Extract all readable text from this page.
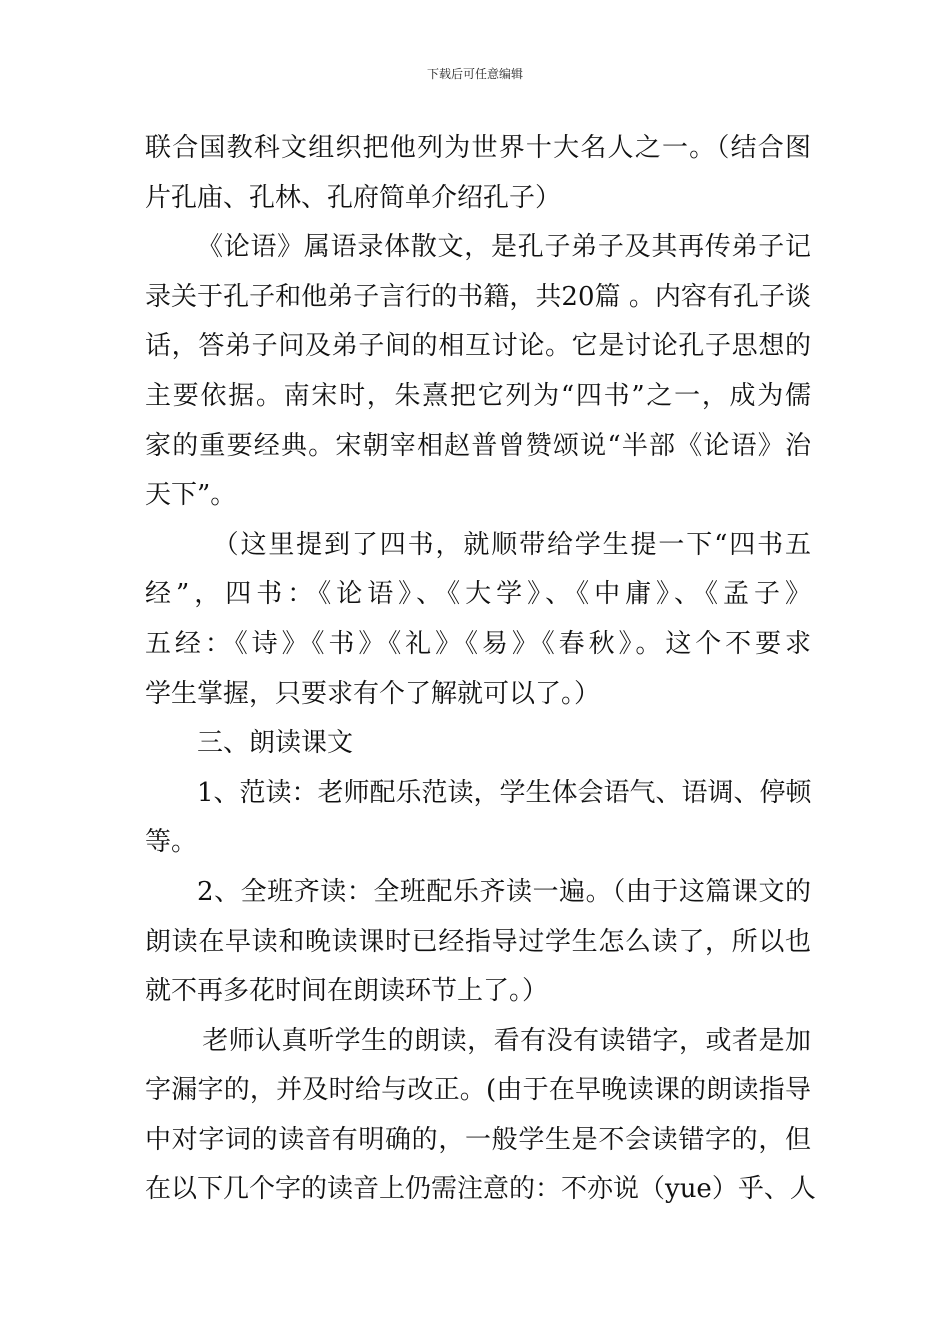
下载后可任意编辑
联合国教科文组织把他列为世界十大名人之一。（结合图
片孔庙、孔林、孔府简单介绍孔子）
《论语》属语录体散文，是孔子弟子及其再传弟子记
录关于孔子和他弟子言行的书籍，共20篇 。内容有孔子谈
话，答弟子问及弟子间的相互讨论。它是讨论孔子思想的
主要依据。南宋时，朱熹把它列为“四书”之一，成为儒
家的重要经典。宋朝宰相赵普曾赞颂说“半部《论语》治
天下”。
（这里提到了四书，就顺带给学生提一下“四书五
经”，四书：《论语》、《大学》、《中庸》、《孟子》
五经：《诗》《书》《礼》《易》《春秋》。这个不要求
学生掌握，只要求有个了解就可以了。）
三、朗读课文
1、范读：老师配乐范读，学生体会语气、语调、停顿
等。
2、全班齐读：全班配乐齐读一遍。（由于这篇课文的
朗读在早读和晚读课时已经指导过学生怎么读了，所以也
就不再多花时间在朗读环节上了。）
老师认真听学生的朗读，看有没有读错字，或者是加
字漏字的，并及时给与改正。(由于在早晚读课的朗读指导
中对字词的读音有明确的，一般学生是不会读错字的，但
在以下几个字的读音上仍需注意的：不亦说（yue）乎、人
